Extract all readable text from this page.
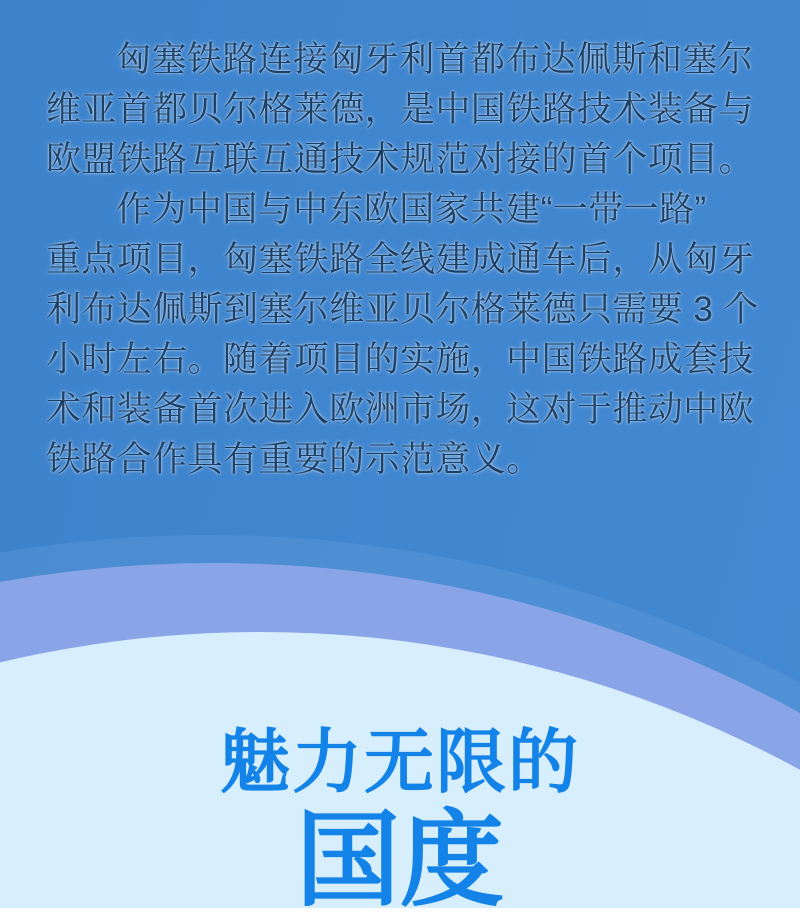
匈塞铁路连接匈牙利首都布达佩斯和塞尔
维亚首都贝尔格莱德，是中国铁路技术装备与
欧盟铁路互联互通技术规范对接的首个项目。
作为中国与中东欧国家共建“一带一路”
重点项目，匈塞铁路全线建成通车后，从匈牙
利布达佩斯到塞尔维亚贝尔格莱德只需要 3 个
小时左右。随着项目的实施，中国铁路成套技
术和装备首次进入欧洲市场，这对于推动中欧
铁路合作具有重要的示范意义。
魅力无限的
国度
